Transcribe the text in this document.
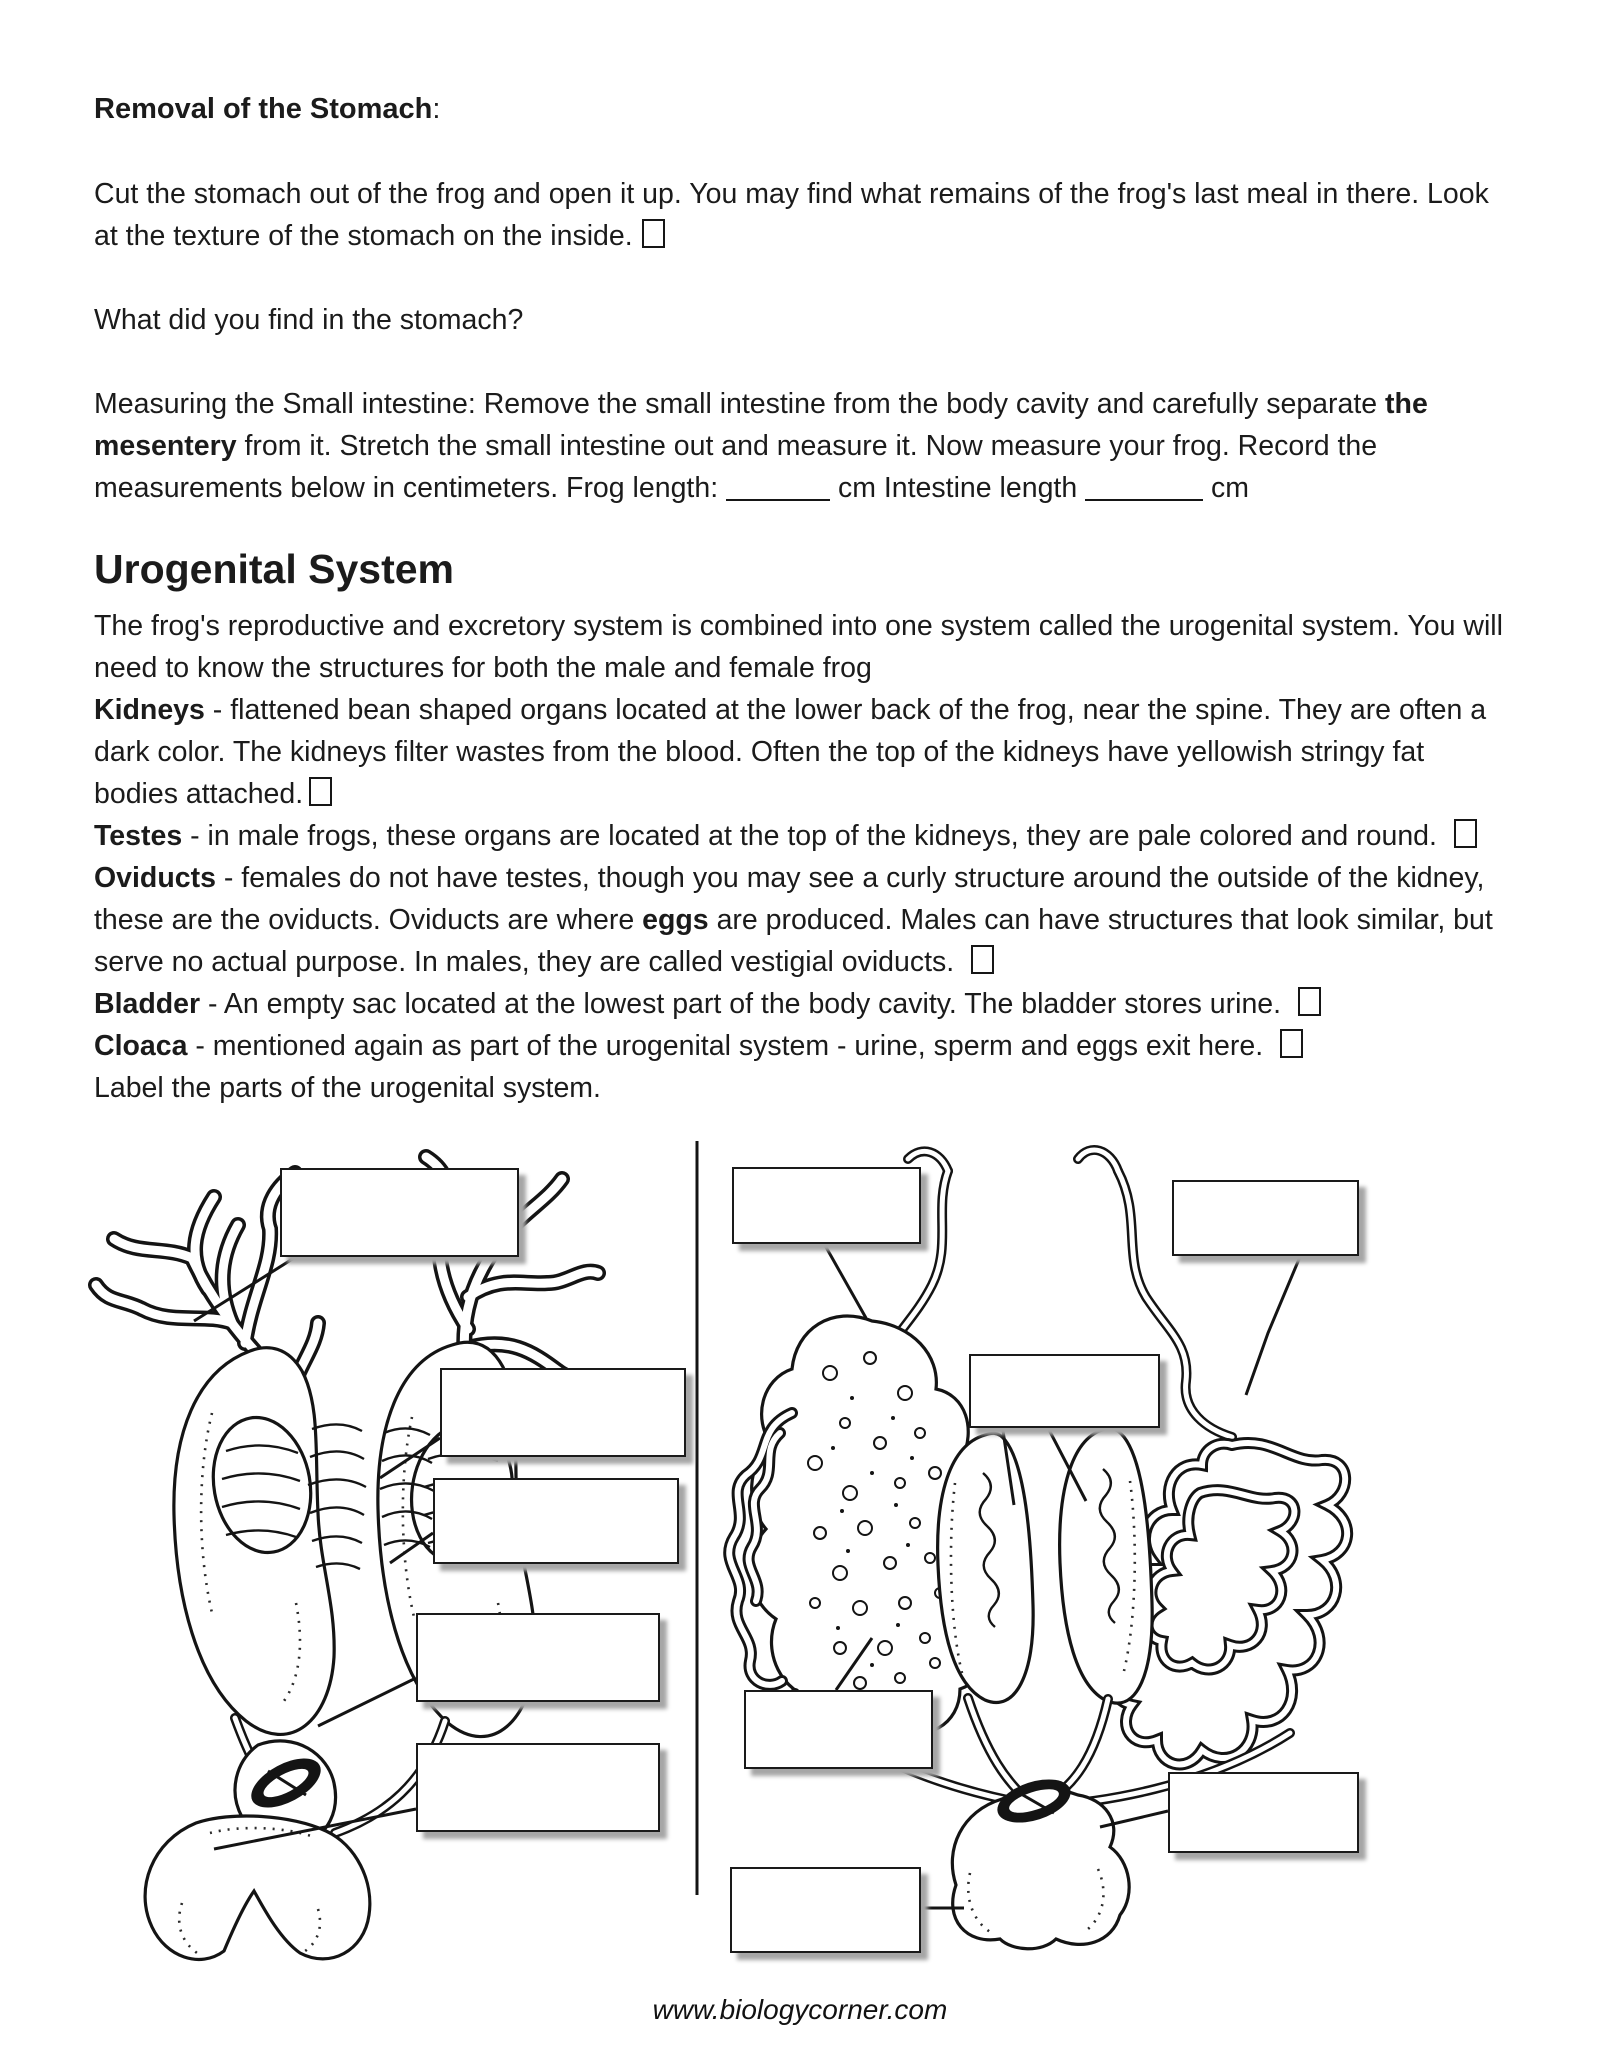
Removal of the Stomach:

Cut the stomach out of the frog and open it up. You may find what remains of the frog's last meal in there. Look at the texture of the stomach on the inside.

What did you find in the stomach?

Measuring the Small intestine: Remove the small intestine from the body cavity and carefully separate the mesentery from it. Stretch the small intestine out and measure it. Now measure your frog. Record the measurements below in centimeters. Frog length:	cm Intestine length	cm

Urogenital System

The frog's reproductive and excretory system is combined into one system called the urogenital system. You will need to know the structures for both the male and female frog

Kidneys - flattened bean shaped organs located at the lower back of the frog, near the spine. They are often a dark color. The kidneys filter wastes from the blood. Often the top of the kidneys have yellowish stringy fat bodies attached.

Testes - in male frogs, these organs are located at the top of the kidneys, they are pale colored and round.

Oviducts - females do not have testes, though you may see a curly structure around the outside of the kidney, these are the oviducts. Oviducts are where eggs are produced. Males can have structures that look similar, but serve no actual purpose. In males, they are called vestigial oviducts.

Bladder - An empty sac located at the lowest part of the body cavity. The bladder stores urine.

Cloaca - mentioned again as part of the urogenital system - urine, sperm and eggs exit here.

Label the parts of the urogenital system.

www.biologycorner.com
